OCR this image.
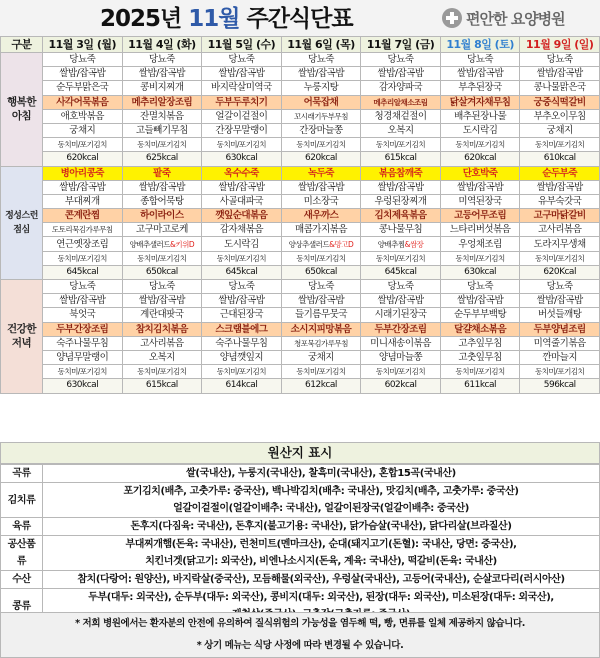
2025년 11월 주간식단표	편안한 요양병원
구분	11월 3일 (월)	11월 4일 (화)	11월 5일 (수)	11월 6일 (목)	11월 7일 (금)	11월 8일 (토)	11월 9일 (일)
행복한 아침	당뇨죽	당뇨죽	당뇨죽	당뇨죽	당뇨죽	당뇨죽	당뇨죽
	쌀밥/잡곡밥	쌀밥/잡곡밥	쌀밥/잡곡밥	쌀밥/잡곡밥	쌀밥/잡곡밥	쌀밥/잡곡밥	쌀밥/잡곡밥
	순두부맑은국	콩비지찌개	바지락살미역국	누룽지탕	감자양파국	부추된장국	콩나물맑은국
	사각어묵볶음	메추리알장조림	두부두루치기	어묵잡채	메추리알채소조림	닭살겨자채무침	궁중식떡갈비
	애호박볶음	잔멸치볶음	얼갈이겉절이	꼬시래기두부무침	청경채겉절이	배추된장나물	부추오이무침
	궁채지	고들빼기무침	간장무말랭이	간장마늘쫑	오복지	도시락김	궁채지
	동치미/포기김치	동치미/포기김치	동치미/포기김치	동치미/포기김치	동치미/포기김치	동치미/포기김치	동치미/포기김치
	620kcal	625kcal	630kcal	620kcal	615kcal	620kcal	610kcal
정성스런 점심	병아리콩죽	팥죽	옥수수죽	녹두죽	볶음참깨죽	단호박죽	순두부죽
	쌀밥/잡곡밥	쌀밥/잡곡밥	쌀밥/잡곡밥	쌀밥/잡곡밥	쌀밥/잡곡밥	쌀밥/잡곡밥	쌀밥/잡곡밥
	부대찌개	종합어묵탕	사골대파국	미소장국	우렁된장찌개	미역된장국	유부숙갓국
	콘계란찜	하이라이스	깻잎순대볶음	새우까스	김치제육볶음	고등어무조림	고구마닭갈비
	도토리묵김가루무침	고구마고로케	감자채볶음	매콤가지볶음	콩나물무침	느타리버섯볶음	고사리볶음
	연근옛장조림	양배추샐러드&키위D	도시락김	양상추샐러드&망고D	양배추찜&쌈장	우엉채조림	도라지무생채
	동치미/포기김치	동치미/포기김치	동치미/포기김치	동치미/포기김치	동치미/포기김치	동치미/포기김치	동치미/포기김치
	645kcal	650kcal	645kcal	650kcal	645kcal	630kcal	620Kcal
건강한 저녁	당뇨죽	당뇨죽	당뇨죽	당뇨죽	당뇨죽	당뇨죽	당뇨죽
	쌀밥/잡곡밥	쌀밥/잡곡밥	쌀밥/잡곡밥	쌀밥/잡곡밥	쌀밥/잡곡밥	쌀밥/잡곡밥	쌀밥/잡곡밥
	북엇국	계란대팟국	근대된장국	들기름무뭇국	시래기된장국	순두부부백탕	버섯들깨탕
	두부간장조림	참치김치볶음	스크램블에그	소시지피망볶음	두부간장조림	달걀채소볶음	두부양념조림
	숙주나물무침	고사리볶음	숙주나물무침	청포묵김가루무침	미니새송이볶음	고추잎무침	미역줄기볶음
	양념무말랭이	오복지	양념깻잎지	궁채지	양념마늘쫑	고춧잎무침	깐마늘지
	동치미/포기김치	동치미/포기김치	동치미/포기김치	동치미/포기김치	동치미/포기김치	동치미/포기김치	동치미/포기김치
	630kcal	615kcal	614kcal	612kcal	602kcal	611kcal	596kcal
원산지 표시
곡류	쌀(국내산), 누룽지(국내산), 찰흑미(국내산), 혼합15곡(국내산)

김치류	포기김치(배추, 고춧가루: 중국산), 백나박김치(배추: 국내산), 맛김치(배추, 고춧가루: 중국산)
얼갈이겉절이(얼갈이배추: 국내산), 얼갈이된장국(얼갈이배추: 중국산)

육류	돈후지(다짐육: 국내산), 돈후지(불고기용: 국내산), 닭가슴살(국내산), 닭다리살(브라질산)

공산품류	부대찌개햄(돈육: 국내산), 런천미트(멘마크산), 순대(돼지고기(돈혈): 국내산, 당면: 중국산),
치킨너겟(닭고기: 외국산), 비엔나소시지(돈육, 계육: 국내산), 떡갈비(돈육: 국내산)

수산	참치(다랑어: 원양산), 바지락살(중국산), 모듬해물(외국산), 우렁살(국내산), 고등어(국내산), 순살코다리(러시아산)

콩류	두부(대두: 외국산), 순두부(대두: 외국산), 콩비지(대두: 외국산), 된장(대두: 외국산), 미소된장(대두: 외국산),
* 저희 병원에서는 환자분의 안전에 유의하여 질식위험의 가능성을 염두해 떡, 빵, 면류를 일체 제공하지 않습니다.
* 상기 메뉴는 식당 사정에 따라 변경될 수 있습니다.
